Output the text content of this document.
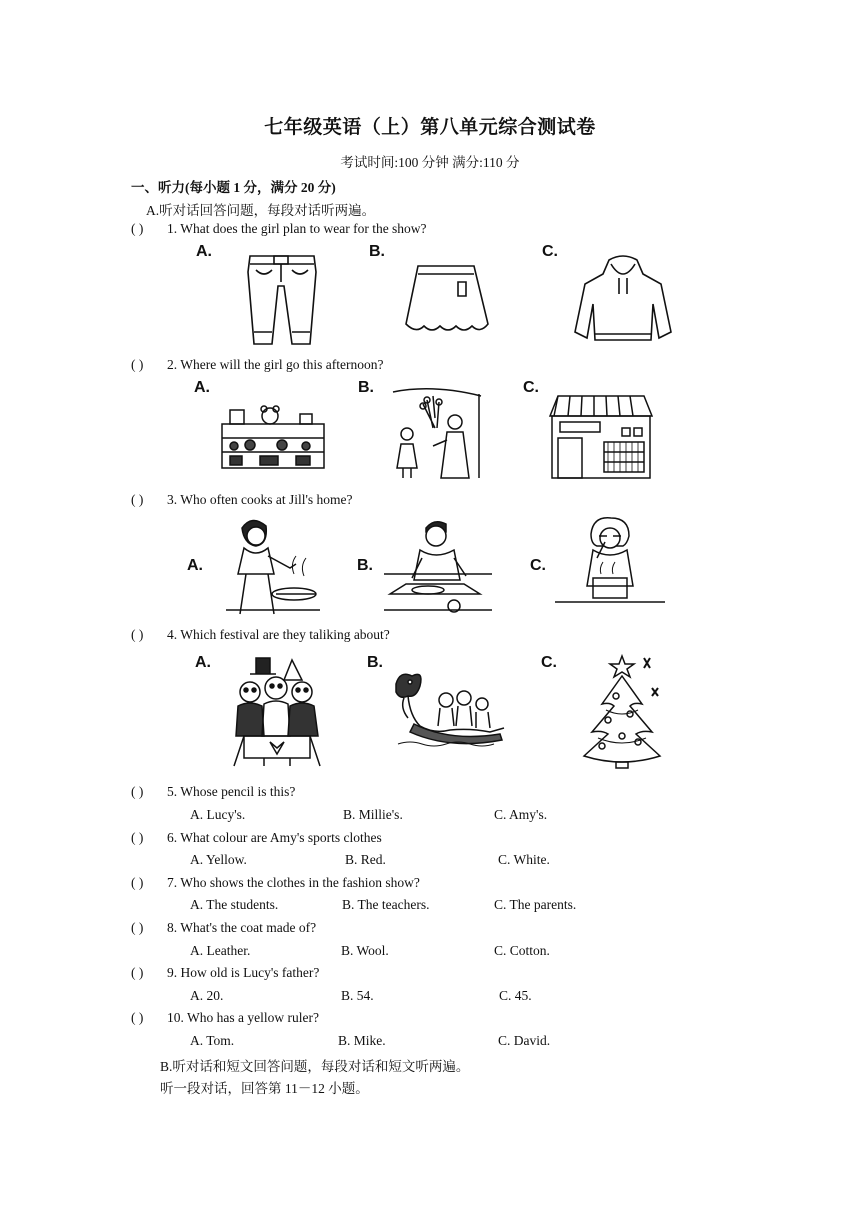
七年级英语（上）第八单元综合测试卷
考试时间:100 分钟 满分:110 分
一、听力(每小题 1 分，满分 20 分)
A.听对话回答问题，每段对话听两遍。
( ) 1. What does the girl plan to wear for the show?
A.	B.	C.
( ) 2. Where will the girl go this afternoon?
A.	B.	C.
( ) 3. Who often cooks at Jill's home?
A.	B.	C.
( ) 4. Which festival are they taliking about?
A.	B.	C.
( ) 5. Whose pencil is this?
A. Lucy's.	B. Millie's.	C. Amy's.
( ) 6. What colour are Amy's sports clothes
A. Yellow.	B. Red.	C. White.
( ) 7. Who shows the clothes in the fashion show?
A. The students.	B. The teachers.	C. The parents.
( ) 8. What's the coat made of?
A. Leather.	B. Wool.	C. Cotton.
( ) 9. How old is Lucy's father?
A. 20.	B. 54.	C. 45.
( ) 10. Who has a yellow ruler?
A. Tom.	B. Mike.	C. David.
B.听对话和短文回答问题，每段对话和短文听两遍。
听一段对话，回答第 11－12 小题。
